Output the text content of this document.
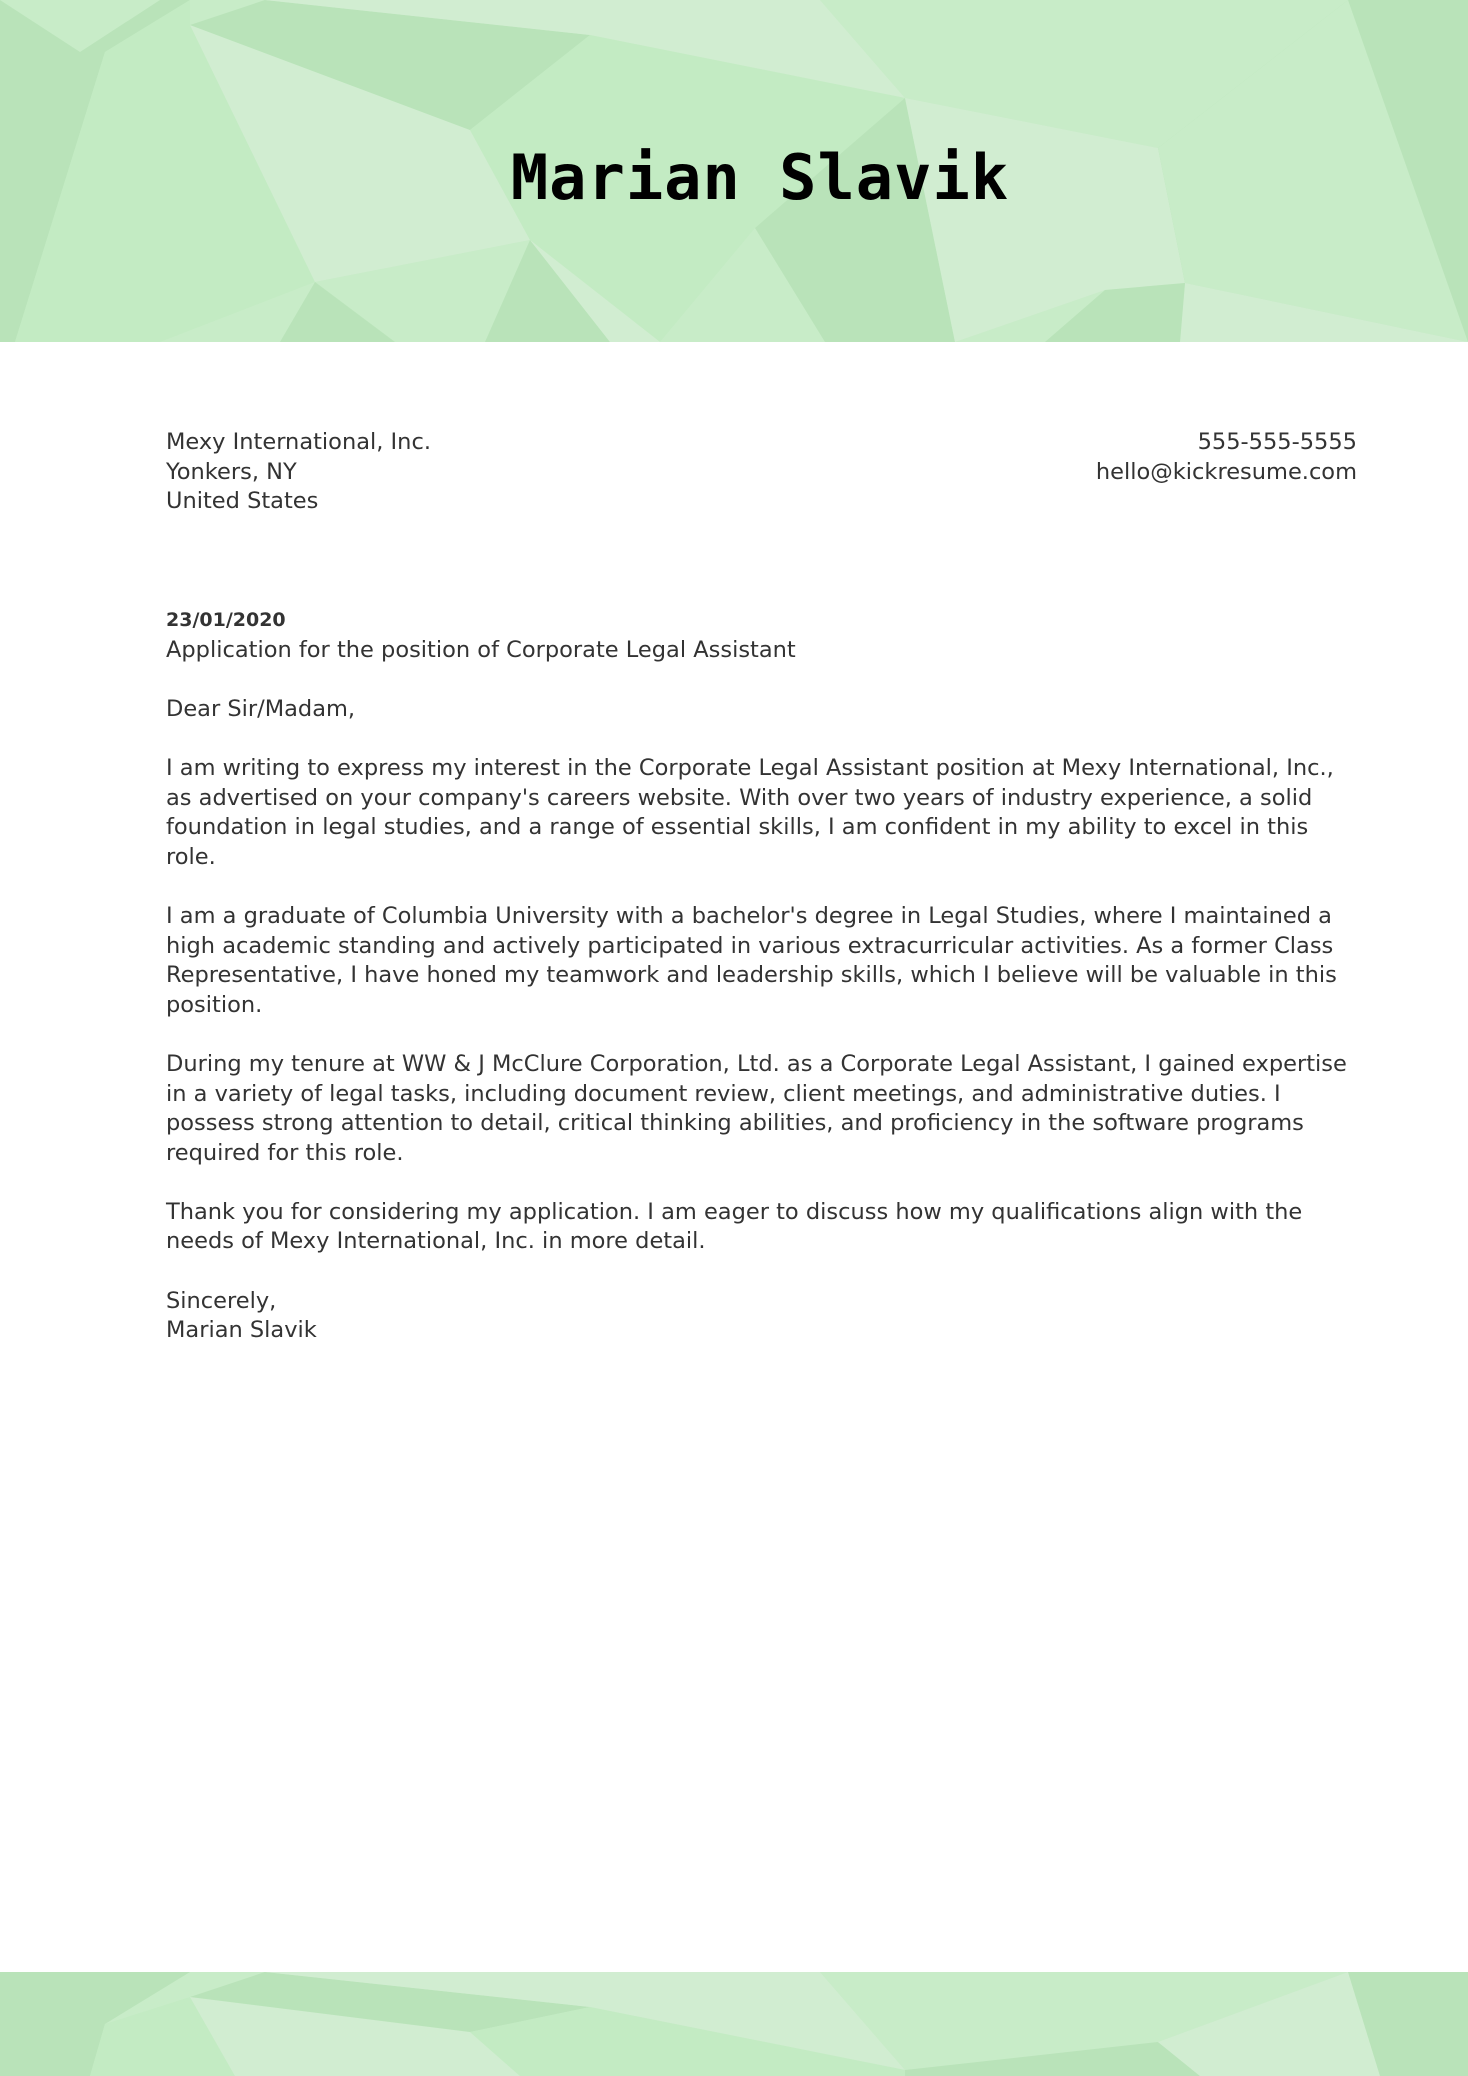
Marian Slavik
Mexy International, Inc.
Yonkers, NY
United States
555-555-5555
hello@kickresume.com
23/01/2020
Application for the position of Corporate Legal Assistant
Dear Sir/Madam,

I am writing to express my interest in the Corporate Legal Assistant position at Mexy International, Inc., as advertised on your company's careers website. With over two years of industry experience, a solid foundation in legal studies, and a range of essential skills, I am confident in my ability to excel in this role.

I am a graduate of Columbia University with a bachelor's degree in Legal Studies, where I maintained a high academic standing and actively participated in various extracurricular activities. As a former Class Representative, I have honed my teamwork and leadership skills, which I believe will be valuable in this position.

During my tenure at WW & J McClure Corporation, Ltd. as a Corporate Legal Assistant, I gained expertise in a variety of legal tasks, including document review, client meetings, and administrative duties. I possess strong attention to detail, critical thinking abilities, and proficiency in the software programs required for this role.

Thank you for considering my application. I am eager to discuss how my qualifications align with the needs of Mexy International, Inc. in more detail.

Sincerely,
Marian Slavik
